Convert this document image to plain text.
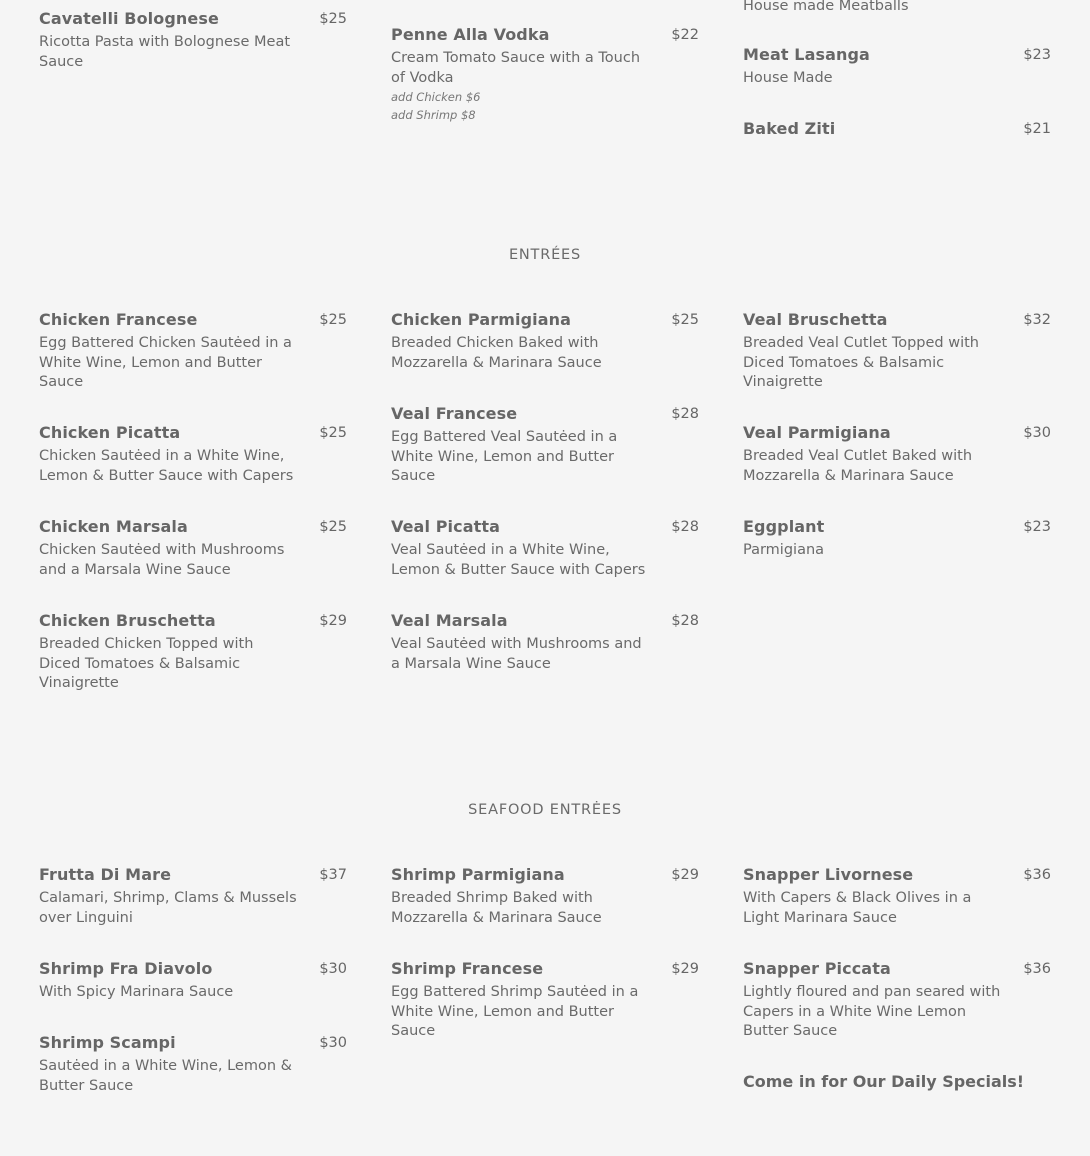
Cavatelli Bolognese	$25
Ricotta Pasta with Bolognese Meat Sauce
Penne Alla Vodka	$22
Cream Tomato Sauce with a Touch of Vodka
add Chicken $6
add Shrimp $8
House made Meatballs
Meat Lasanga	$23
House Made
Baked Ziti	$21
ENTRÉES
Chicken Francese	$25
Egg Battered Chicken Sautėed in a White Wine, Lemon and Butter Sauce
Chicken Picatta	$25
Chicken Sautėed in a White Wine, Lemon & Butter Sauce with Capers
Chicken Marsala	$25
Chicken Sautėed with Mushrooms and a Marsala Wine Sauce
Chicken Bruschetta	$29
Breaded Chicken Topped with Diced Tomatoes & Balsamic Vinaigrette
Chicken Parmigiana	$25
Breaded Chicken Baked with Mozzarella & Marinara Sauce
Veal Francese	$28
Egg Battered Veal Sautėed in a White Wine, Lemon and Butter Sauce
Veal Picatta	$28
Veal Sautėed in a White Wine, Lemon & Butter Sauce with Capers
Veal Marsala	$28
Veal Sautėed with Mushrooms and a Marsala Wine Sauce
Veal Bruschetta	$32
Breaded Veal Cutlet Topped with Diced Tomatoes & Balsamic Vinaigrette
Veal Parmigiana	$30
Breaded Veal Cutlet Baked with Mozzarella & Marinara Sauce
Eggplant	$23
Parmigiana
SEAFOOD ENTRĖES
Frutta Di Mare	$37
Calamari, Shrimp, Clams & Mussels over Linguini
Shrimp Fra Diavolo	$30
With Spicy Marinara Sauce
Shrimp Scampi	$30
Sautėed in a White Wine, Lemon & Butter Sauce
Shrimp Parmigiana	$29
Breaded Shrimp Baked with Mozzarella & Marinara Sauce
Shrimp Francese	$29
Egg Battered Shrimp Sautėed in a White Wine, Lemon and Butter Sauce
Snapper Livornese	$36
With Capers & Black Olives in a Light Marinara Sauce
Snapper Piccata	$36
Lightly floured and pan seared with Capers in a White Wine Lemon Butter Sauce
Come in for Our Daily Specials!
